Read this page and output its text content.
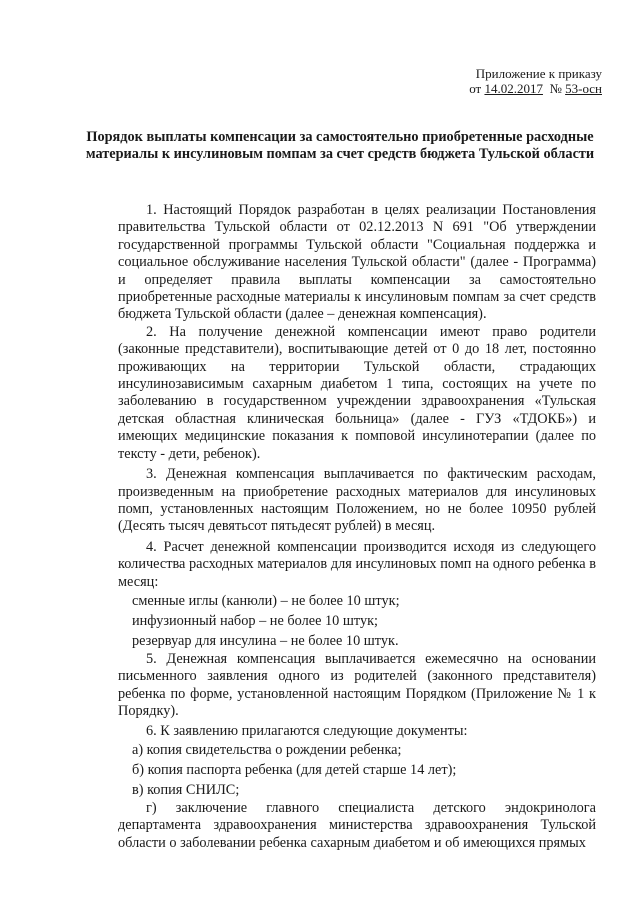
Приложение к приказу
от 14.02.2017 № 53-осн
Порядок выплаты компенсации за самостоятельно приобретенные расходные материалы к инсулиновым помпам за счет средств бюджета Тульской области

1. Настоящий Порядок разработан в целях реализации Постановления правительства Тульской области от 02.12.2013 N 691 "Об утверждении государственной программы Тульской области "Социальная поддержка и социальное обслуживание населения Тульской области" (далее - Программа) и определяет правила выплаты компенсации за самостоятельно приобретенные расходные материалы к инсулиновым помпам за счет средств бюджета Тульской области (далее – денежная компенсация).

2. На получение денежной компенсации имеют право родители (законные представители), воспитывающие детей от 0 до 18 лет, постоянно проживающих на территории Тульской области, страдающих инсулинозависимым сахарным диабетом 1 типа, состоящих на учете по заболеванию в государственном учреждении здравоохранения «Тульская детская областная клиническая больница» (далее - ГУЗ «ТДОКБ») и имеющих медицинские показания к помповой инсулинотерапии (далее по тексту - дети, ребенок).

3. Денежная компенсация выплачивается по фактическим расходам, произведенным на приобретение расходных материалов для инсулиновых помп, установленных настоящим Положением, но не более 10950 рублей (Десять тысяч девятьсот пятьдесят рублей) в месяц.

4. Расчет денежной компенсации производится исходя из следующего количества расходных материалов для инсулиновых помп на одного ребенка в месяц:

сменные иглы (канюли) – не более 10 штук;
инфузионный набор – не более 10 штук;
резервуар для инсулина – не более 10 штук.

5. Денежная компенсация выплачивается ежемесячно на основании письменного заявления одного из родителей (законного представителя) ребенка по форме, установленной настоящим Порядком (Приложение № 1 к Порядку).

6. К заявлению прилагаются следующие документы:

а) копия свидетельства о рождении ребенка;
б) копия паспорта ребенка (для детей старше 14 лет);
в) копия СНИЛС;

г) заключение главного специалиста детского эндокринолога департамента здравоохранения министерства здравоохранения Тульской области о заболевании ребенка сахарным диабетом и об имеющихся прямых
